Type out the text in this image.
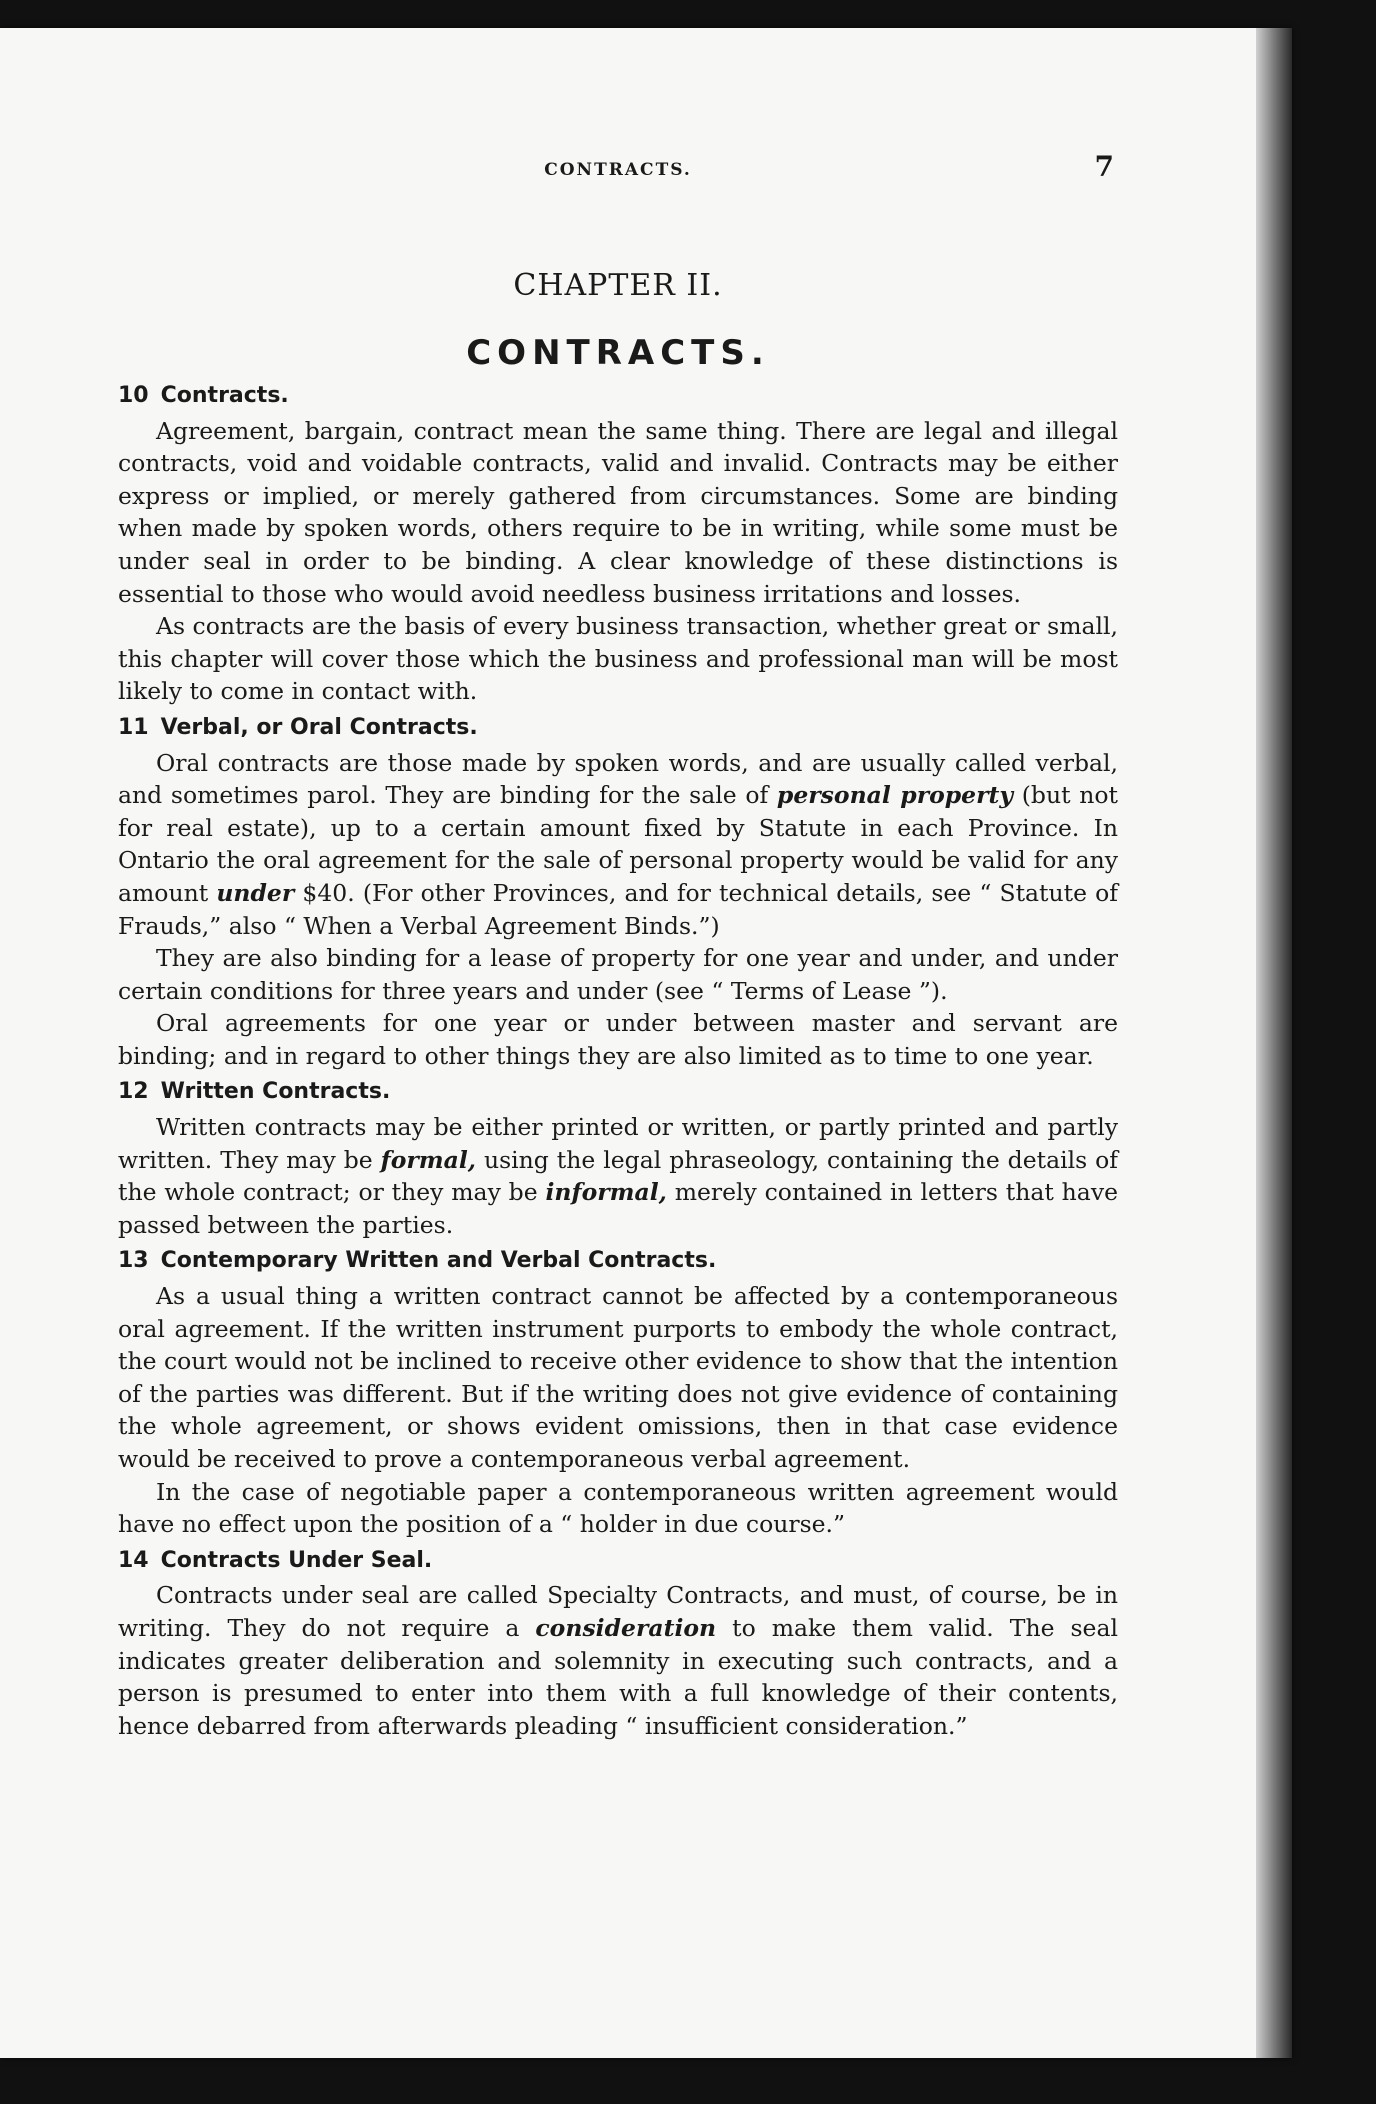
CONTRACTS.	7
CHAPTER II.
CONTRACTS.
10 Contracts.

Agreement, bargain, contract mean the same thing. There are legal and illegal contracts, void and voidable contracts, valid and invalid. Contracts may be either express or implied, or merely gathered from circumstances. Some are binding when made by spoken words, others require to be in writing, while some must be under seal in order to be binding. A clear knowledge of these distinctions is essential to those who would avoid needless business irritations and losses.

As contracts are the basis of every business transaction, whether great or small, this chapter will cover those which the business and professional man will be most likely to come in contact with.

11 Verbal, or Oral Contracts.

Oral contracts are those made by spoken words, and are usually called verbal, and sometimes parol. They are binding for the sale of personal property (but not for real estate), up to a certain amount fixed by Statute in each Province. In Ontario the oral agreement for the sale of personal property would be valid for any amount under $40. (For other Provinces, and for technical details, see “ Statute of Frauds,” also “ When a Verbal Agreement Binds.”)

They are also binding for a lease of property for one year and under, and under certain conditions for three years and under (see “ Terms of Lease ”).

Oral agreements for one year or under between master and servant are binding; and in regard to other things they are also limited as to time to one year.

12 Written Contracts.

Written contracts may be either printed or written, or partly printed and partly written. They may be formal, using the legal phraseology, containing the details of the whole contract; or they may be informal, merely contained in letters that have passed between the parties.

13 Contemporary Written and Verbal Contracts.

As a usual thing a written contract cannot be affected by a contemporaneous oral agreement. If the written instrument purports to embody the whole contract, the court would not be inclined to receive other evidence to show that the intention of the parties was different. But if the writing does not give evidence of containing the whole agreement, or shows evident omissions, then in that case evidence would be received to prove a contemporaneous verbal agreement.

In the case of negotiable paper a contemporaneous written agreement would have no effect upon the position of a “ holder in due course.”

14 Contracts Under Seal.

Contracts under seal are called Specialty Contracts, and must, of course, be in writing. They do not require a consideration to make them valid. The seal indicates greater deliberation and solemnity in executing such contracts, and a person is presumed to enter into them with a full knowledge of their contents, hence debarred from afterwards pleading “ insufficient consideration.”
